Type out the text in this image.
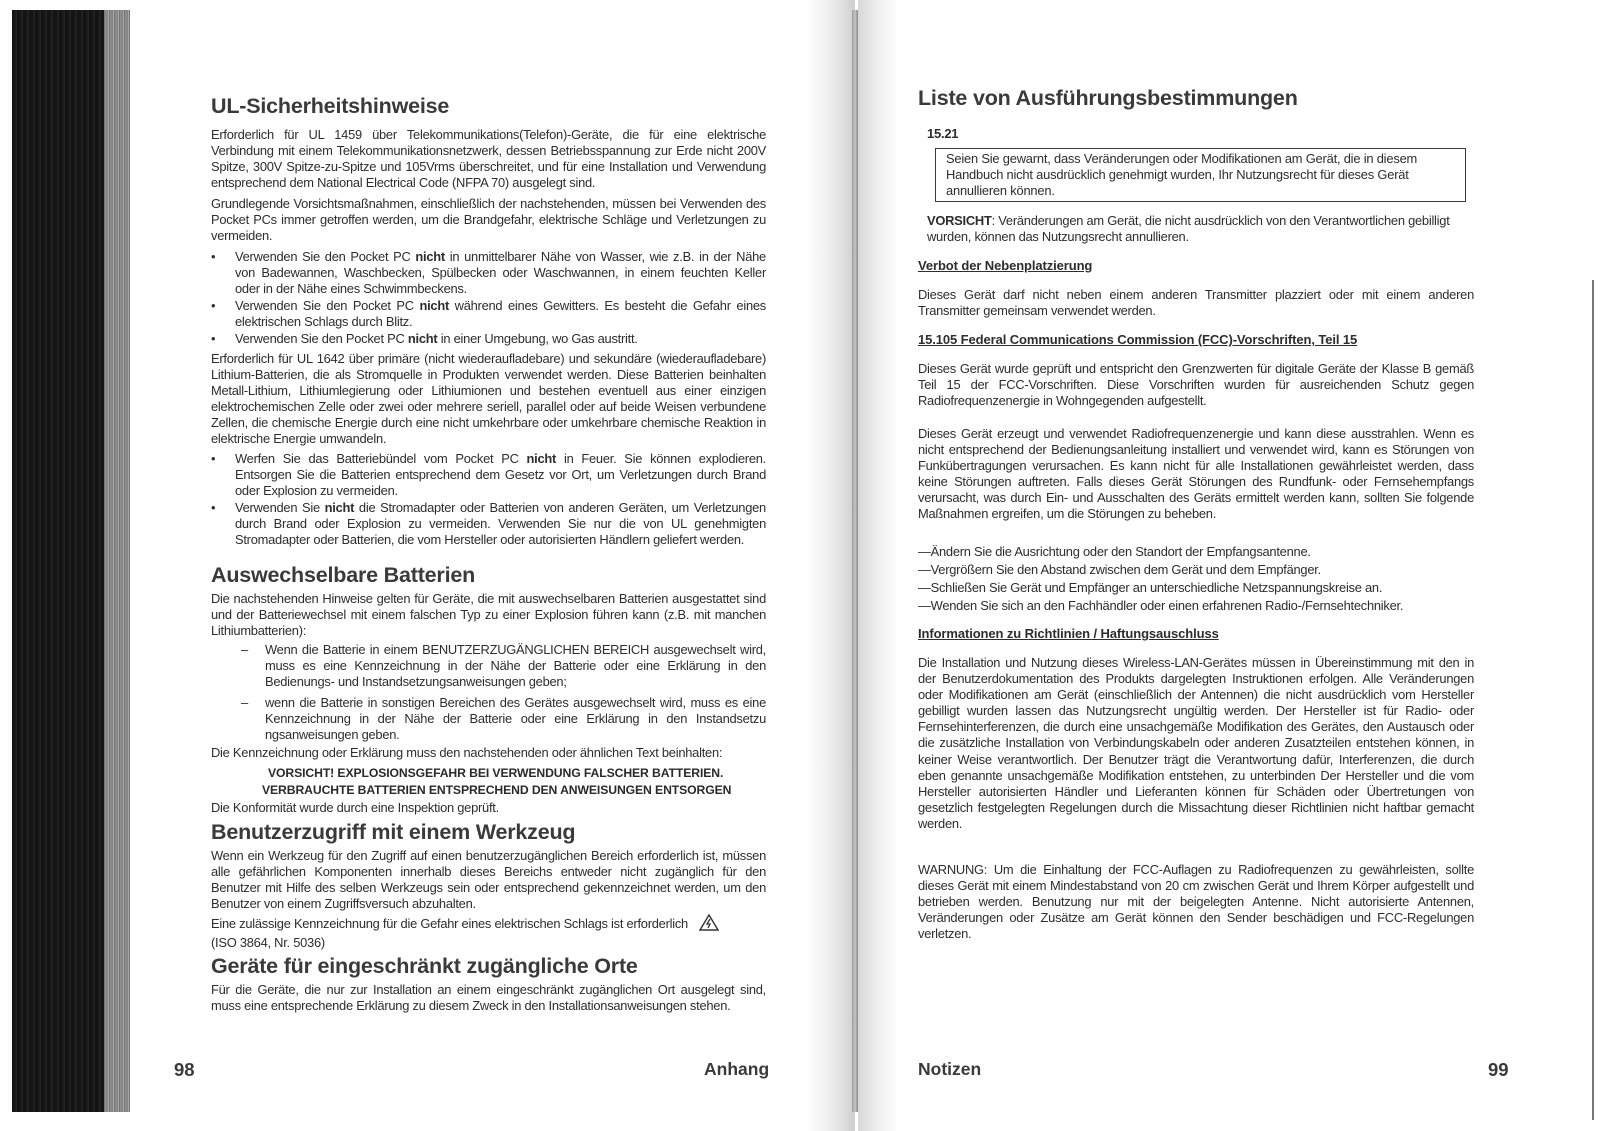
UL-Sicherheitshinweise

Erforderlich für UL 1459 über Telekommunikations(Telefon)-Geräte, die für eine elektrische Verbindung mit einem Telekommunikationsnetzwerk, dessen Betriebsspannung zur Erde nicht 200V Spitze, 300V Spitze-zu-Spitze und 105Vrms überschreitet, und für eine Installation und Verwendung entsprechend dem National Electrical Code (NFPA 70) ausgelegt sind.

Grundlegende Vorsichtsmaßnahmen, einschließlich der nachstehenden, müssen bei Verwenden des Pocket PCs immer getroffen werden, um die Brandgefahr, elektrische Schläge und Verletzungen zu vermeiden.

•	Verwenden Sie den Pocket PC nicht in unmittelbarer Nähe von Wasser, wie z.B. in der Nähe von Badewannen, Waschbecken, Spülbecken oder Waschwannen, in einem feuchten Keller oder in der Nähe eines Schwimmbeckens.
•	Verwenden Sie den Pocket PC nicht während eines Gewitters. Es besteht die Gefahr eines elektrischen Schlags durch Blitz.
•	Verwenden Sie den Pocket PC nicht in einer Umgebung, wo Gas austritt.

Erforderlich für UL 1642 über primäre (nicht wiederaufladebare) und sekundäre (wiederaufladebare) Lithium-Batterien, die als Stromquelle in Produkten verwendet werden. Diese Batterien beinhalten Metall-Lithium, Lithiumlegierung oder Lithiumionen und bestehen eventuell aus einer einzigen elektrochemischen Zelle oder zwei oder mehrere seriell, parallel oder auf beide Weisen verbundene Zellen, die chemische Energie durch eine nicht umkehrbare oder umkehrbare chemische Reaktion in elektrische Energie umwandeln.

•	Werfen Sie das Batteriebündel vom Pocket PC nicht in Feuer. Sie können explodieren. Entsorgen Sie die Batterien entsprechend dem Gesetz vor Ort, um Verletzungen durch Brand oder Explosion zu vermeiden.
•	Verwenden Sie nicht die Stromadapter oder Batterien von anderen Geräten, um Verletzungen durch Brand oder Explosion zu vermeiden. Verwenden Sie nur die von UL genehmigten Stromadapter oder Batterien, die vom Hersteller oder autorisierten Händlern geliefert werden.
Auswechselbare Batterien

Die nachstehenden Hinweise gelten für Geräte, die mit auswechselbaren Batterien ausgestattet sind und der Batteriewechsel mit einem falschen Typ zu einer Explosion führen kann (z.B. mit manchen Lithiumbatterien):

– Wenn die Batterie in einem BENUTZERZUGÄNGLICHEN BEREICH ausgewechselt wird, muss es eine Kennzeichnung in der Nähe der Batterie oder eine Erklärung in den Bedienungs- und Instandsetzungsanweisungen geben;
– wenn die Batterie in sonstigen Bereichen des Gerätes ausgewechselt wird, muss es eine Kennzeichnung in der Nähe der Batterie oder eine Erklärung in den Instandsetzu ngsanweisungen geben.

Die Kennzeichnung oder Erklärung muss den nachstehenden oder ähnlichen Text beinhalten:

VORSICHT! EXPLOSIONSGEFAHR BEI VERWENDUNG FALSCHER BATTERIEN.
VERBRAUCHTE BATTERIEN ENTSPRECHEND DEN ANWEISUNGEN ENTSORGEN

Die Konformität wurde durch eine Inspektion geprüft.

Benutzerzugriff mit einem Werkzeug

Wenn ein Werkzeug für den Zugriff auf einen benutzerzugänglichen Bereich erforderlich ist, müssen alle gefährlichen Komponenten innerhalb dieses Bereichs entweder nicht zugänglich für den Benutzer mit Hilfe des selben Werkzeugs sein oder entsprechend gekennzeichnet werden, um den Benutzer von einem Zugriffsversuch abzuhalten.

Eine zulässige Kennzeichnung für die Gefahr eines elektrischen Schlags ist erforderlich
(ISO 3864, Nr. 5036)

Geräte für eingeschränkt zugängliche Orte

Für die Geräte, die nur zur Installation an einem eingeschränkt zugänglichen Ort ausgelegt sind, muss eine entsprechende Erklärung zu diesem Zweck in den Installationsanweisungen stehen.

98	Anhang
Liste von Ausführungsbestimmungen
15.21
Seien Sie gewarnt, dass Veränderungen oder Modifikationen am Gerät, die in diesem Handbuch nicht ausdrücklich genehmigt wurden, Ihr Nutzungsrecht für dieses Gerät annullieren können.

VORSICHT: Veränderungen am Gerät, die nicht ausdrücklich von den Verantwortlichen gebilligt wurden, können das Nutzungsrecht annullieren.

Verbot der Nebenplatzierung

Dieses Gerät darf nicht neben einem anderen Transmitter plazziert oder mit einem anderen Transmitter gemeinsam verwendet werden.

15.105 Federal Communications Commission (FCC)-Vorschriften, Teil 15

Dieses Gerät wurde geprüft und entspricht den Grenzwerten für digitale Geräte der Klasse B gemäß Teil 15 der FCC-Vorschriften. Diese Vorschriften wurden für ausreichenden Schutz gegen Radiofrequenzenergie in Wohngegenden aufgestellt.

Dieses Gerät erzeugt und verwendet Radiofrequenzenergie und kann diese ausstrahlen. Wenn es nicht entsprechend der Bedienungsanleitung installiert und verwendet wird, kann es Störungen von Funkübertragungen verursachen. Es kann nicht für alle Installationen gewährleistet werden, dass keine Störungen auftreten. Falls dieses Gerät Störungen des Rundfunk- oder Fernsehempfangs verursacht, was durch Ein- und Ausschalten des Geräts ermittelt werden kann, sollten Sie folgende Maßnahmen ergreifen, um die Störungen zu beheben.

—Ändern Sie die Ausrichtung oder den Standort der Empfangsantenne.
—Vergrößern Sie den Abstand zwischen dem Gerät und dem Empfänger.
—Schließen Sie Gerät und Empfänger an unterschiedliche Netzspannungskreise an.
—Wenden Sie sich an den Fachhändler oder einen erfahrenen Radio-/Fernsehtechniker.
Informationen zu Richtlinien / Haftungsauschluss

Die Installation und Nutzung dieses Wireless-LAN-Gerätes müssen in Übereinstimmung mit den in der Benutzerdokumentation des Produkts dargelegten Instruktionen erfolgen. Alle Veränderungen oder Modifikationen am Gerät (einschließlich der Antennen) die nicht ausdrücklich vom Hersteller gebilligt wurden lassen das Nutzungsrecht ungültig werden. Der Hersteller ist für Radio- oder Fernsehinterferenzen, die durch eine unsachgemäße Modifikation des Gerätes, den Austausch oder die zusätzliche Installation von Verbindungskabeln oder anderen Zusatzteilen entstehen können, in keiner Weise verantwortlich. Der Benutzer trägt die Verantwortung dafür, Interferenzen, die durch eben genannte unsachgemäße Modifikation entstehen, zu unterbinden Der Hersteller und die vom Hersteller autorisierten Händler und Lieferanten können für Schäden oder Übertretungen von gesetzlich festgelegten Regelungen durch die Missachtung dieser Richtlinien nicht haftbar gemacht werden.

WARNUNG: Um die Einhaltung der FCC-Auflagen zu Radiofrequenzen zu gewährleisten, sollte dieses Gerät mit einem Mindestabstand von 20 cm zwischen Gerät und Ihrem Körper aufgestellt und betrieben werden. Benutzung nur mit der beigelegten Antenne. Nicht autorisierte Antennen, Veränderungen oder Zusätze am Gerät können den Sender beschädigen und FCC-Regelungen verletzen.

Notizen	99
